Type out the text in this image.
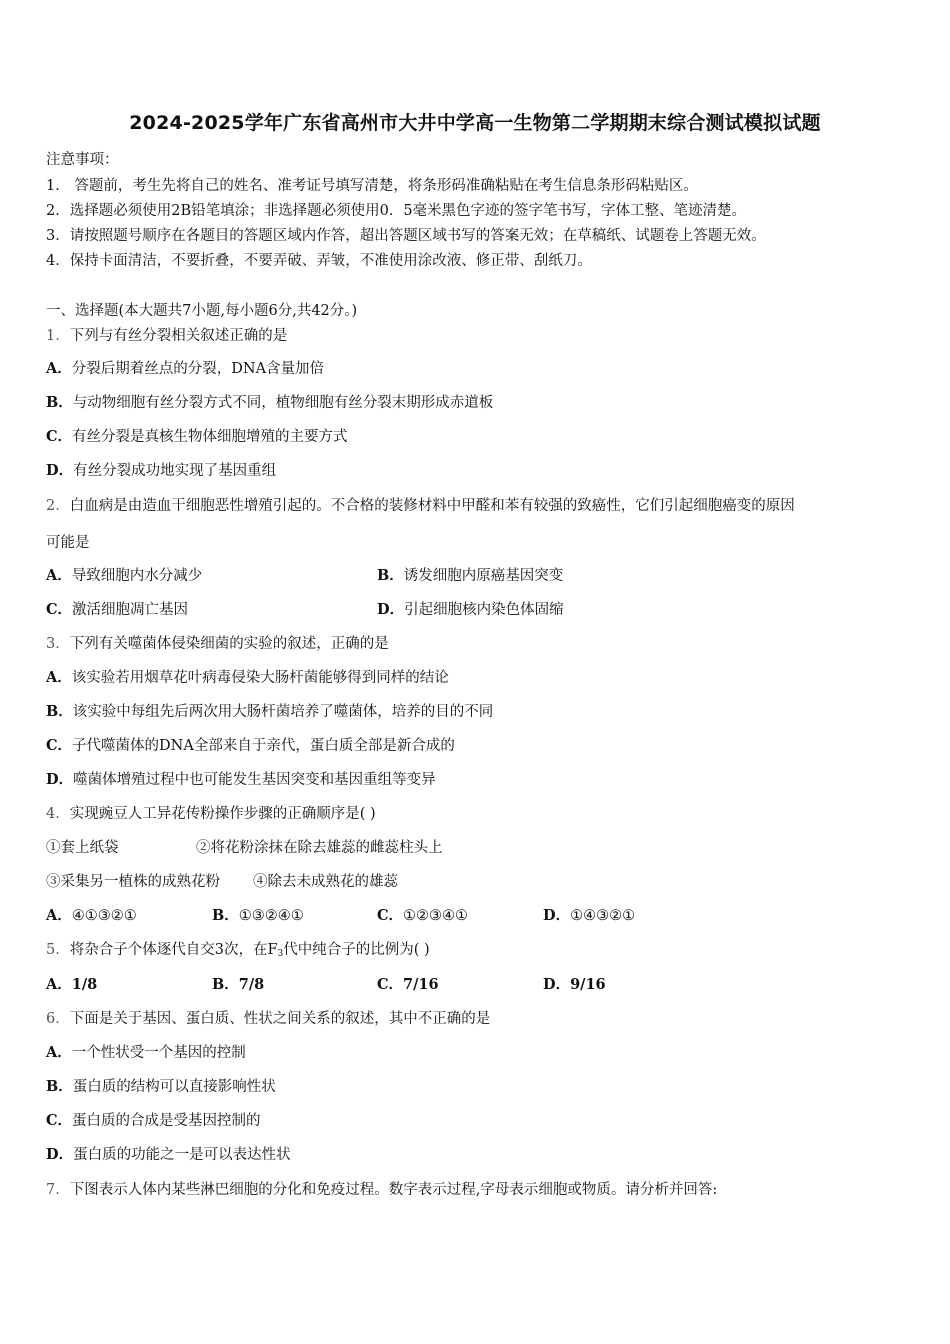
2024-2025学年广东省高州市大井中学高一生物第二学期期末综合测试模拟试题
注意事项：
1． 答题前，考生先将自己的姓名、准考证号填写清楚，将条形码准确粘贴在考生信息条形码粘贴区。
2．选择题必须使用2B铅笔填涂；非选择题必须使用0．5毫米黑色字迹的签字笔书写，字体工整、笔迹清楚。
3．请按照题号顺序在各题目的答题区域内作答，超出答题区域书写的答案无效；在草稿纸、试题卷上答题无效。
4．保持卡面清洁，不要折叠，不要弄破、弄皱，不准使用涂改液、修正带、刮纸刀。
一、选择题(本大题共7小题,每小题6分,共42分。)
1．下列与有丝分裂相关叙述正确的是
A．分裂后期着丝点的分裂，DNA含量加倍
B．与动物细胞有丝分裂方式不同，植物细胞有丝分裂末期形成赤道板
C．有丝分裂是真核生物体细胞增殖的主要方式
D．有丝分裂成功地实现了基因重组
2．白血病是由造血干细胞恶性增殖引起的。不合格的装修材料中甲醛和苯有较强的致癌性，它们引起细胞癌变的原因
可能是
A．导致细胞内水分减少	B．诱发细胞内原癌基因突变
C．激活细胞凋亡基因	D．引起细胞核内染色体固缩
3．下列有关噬菌体侵染细菌的实验的叙述，正确的是
A．该实验若用烟草花叶病毒侵染大肠杆菌能够得到同样的结论
B．该实验中每组先后两次用大肠杆菌培养了噬菌体，培养的目的不同
C．子代噬菌体的DNA全部来自于亲代，蛋白质全部是新合成的
D．噬菌体增殖过程中也可能发生基因突变和基因重组等变异
4．实现豌豆人工异花传粉操作步骤的正确顺序是( )
①套上纸袋	②将花粉涂抹在除去雄蕊的雌蕊柱头上
③采集另一植株的成熟花粉 ④除去未成熟花的雄蕊
A．④①③②①	B．①③②④①	C．①②③④①	D．①④③②①
5．将杂合子个体逐代自交3次，在$F_3$代中纯合子的比例为( )
A．1/8	B．7/8	C．7/16	D．9/16
6．下面是关于基因、蛋白质、性状之间关系的叙述，其中不正确的是
A．一个性状受一个基因的控制
B．蛋白质的结构可以直接影响性状
C．蛋白质的合成是受基因控制的
D．蛋白质的功能之一是可以表达性状
7．下图表示人体内某些淋巴细胞的分化和免疫过程。数字表示过程,字母表示细胞或物质。请分析并回答:
